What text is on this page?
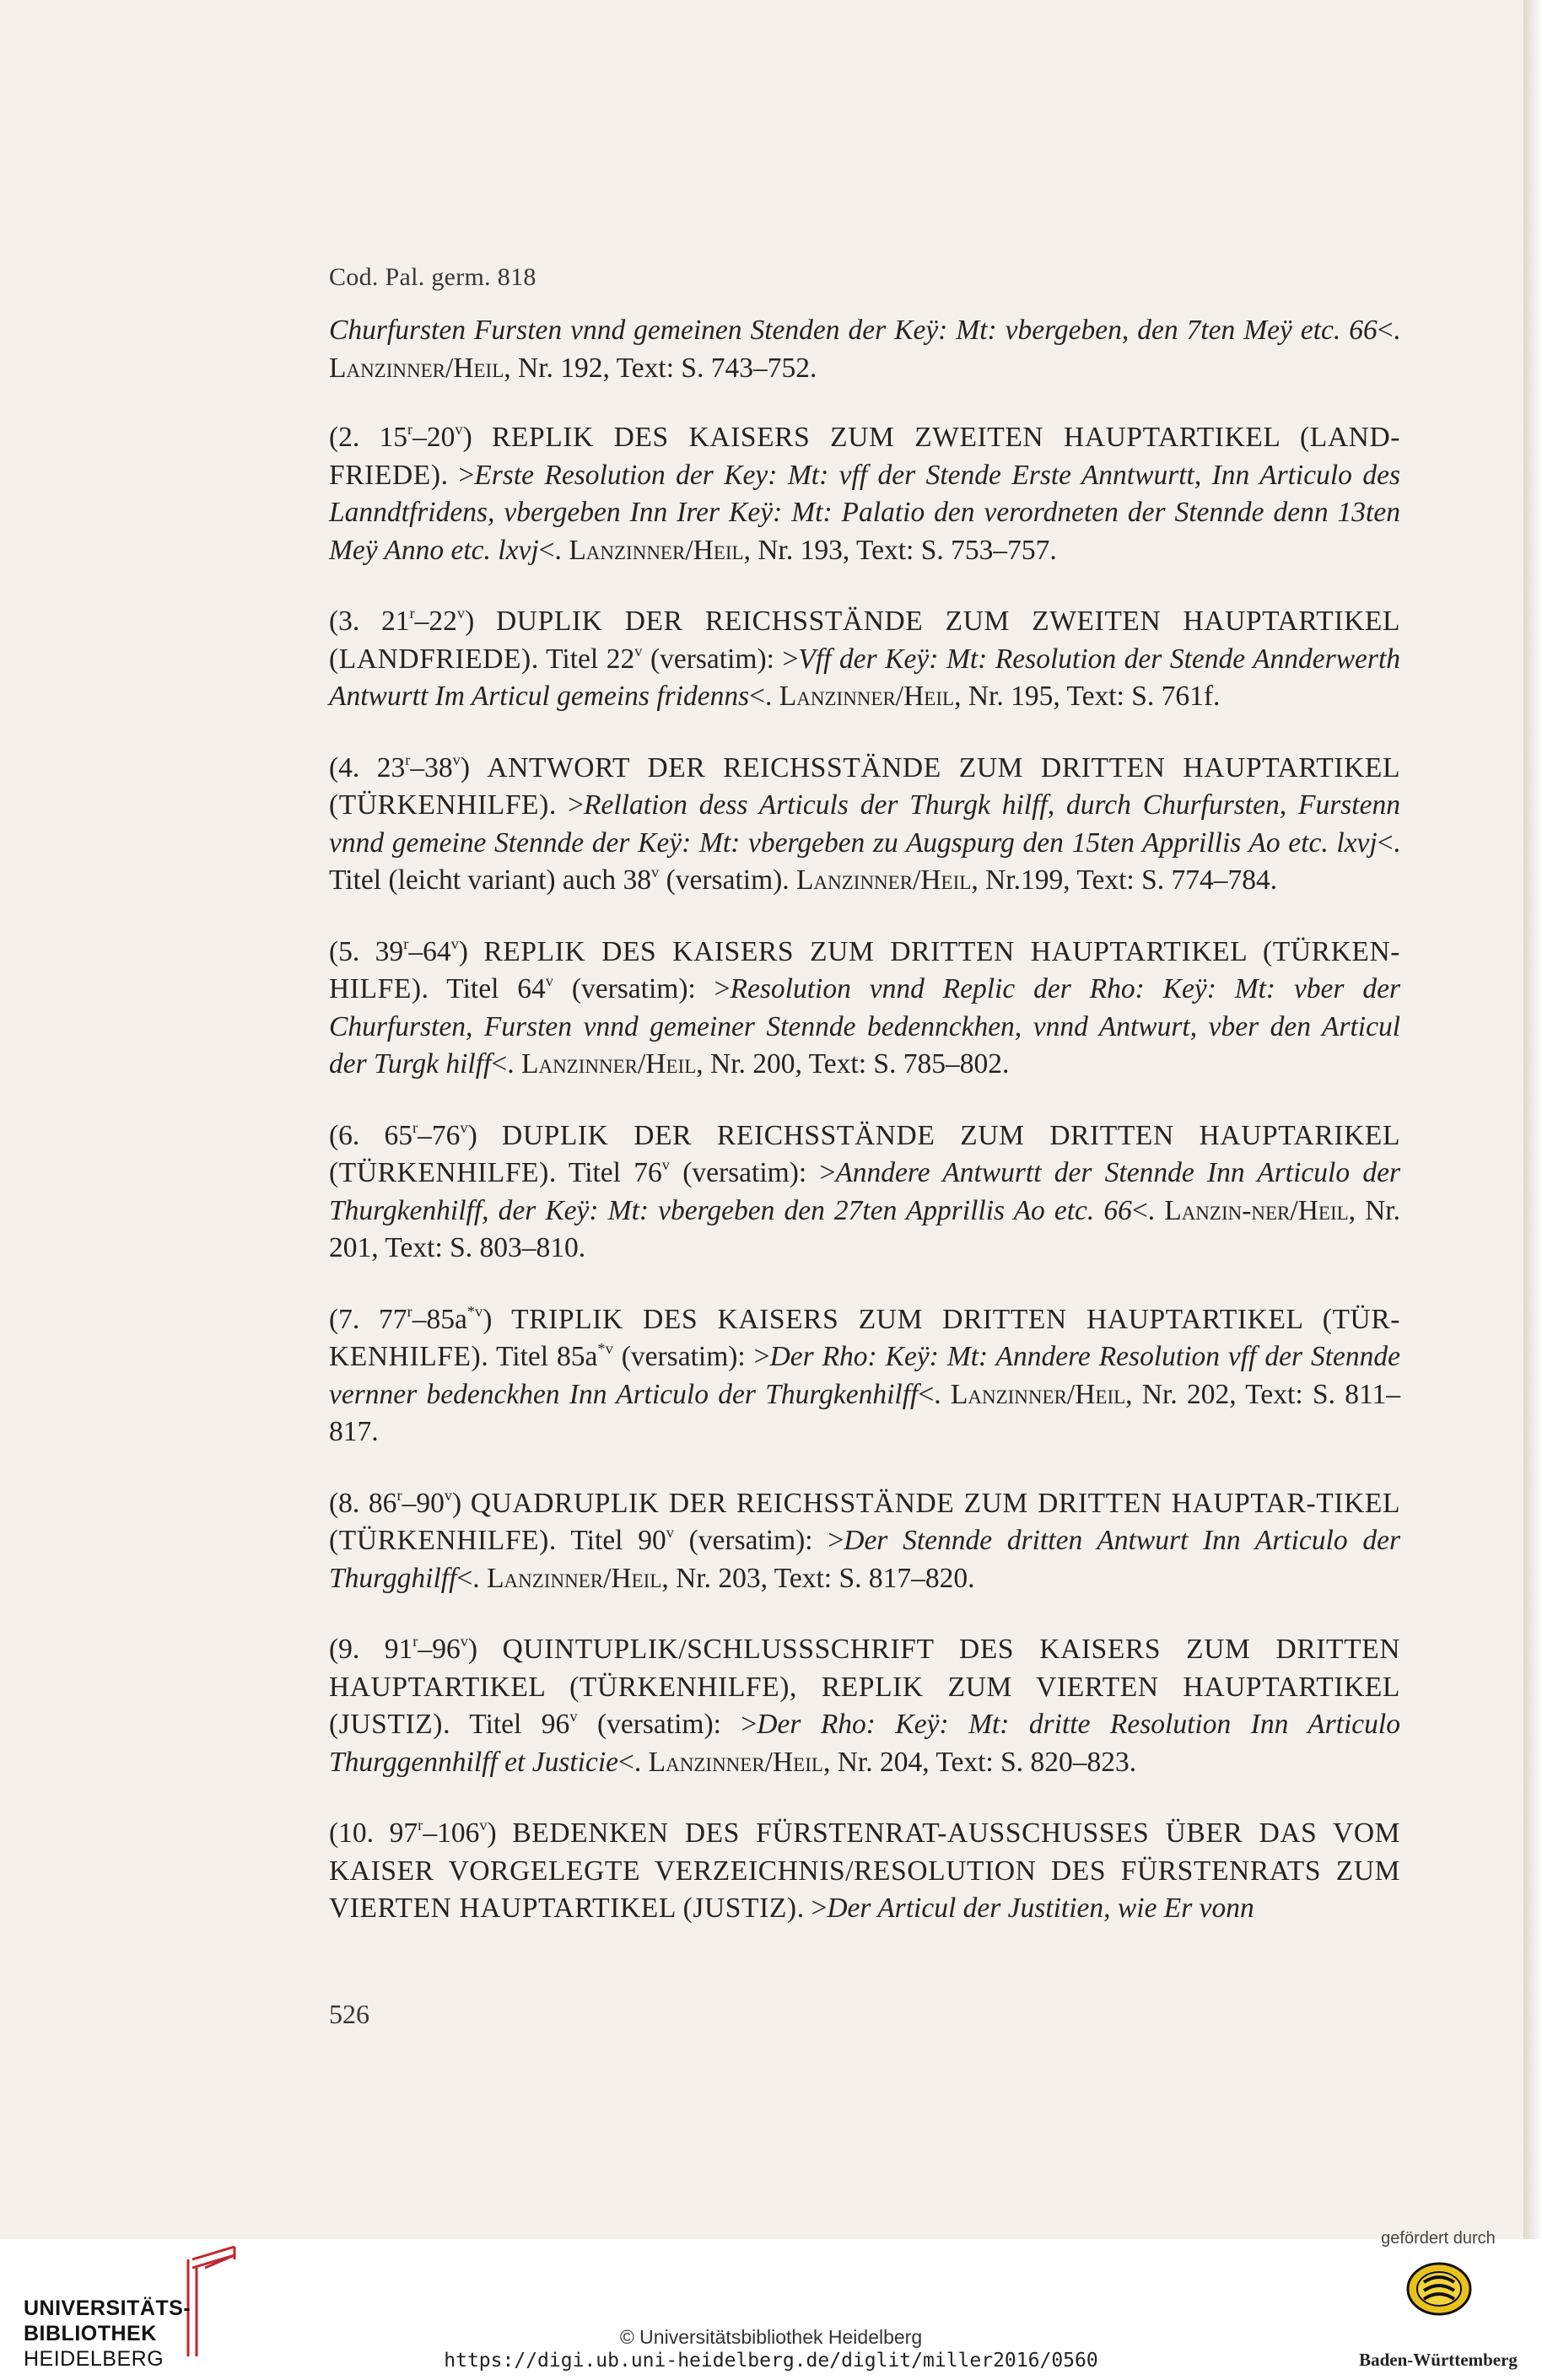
Cod. Pal. germ. 818

Churfursten Fursten vnnd gemeinen Stenden der Keÿ: Mt: vbergeben, den 7ten Meÿ etc. 66<. Lanzinner/Heil, Nr. 192, Text: S. 743–752.

(2. 15$^r$–20$^v$) REPLIK DES KAISERS ZUM ZWEITEN HAUPTARTIKEL (LAND-FRIEDE). >Erste Resolution der Key: Mt: vff der Stende Erste Anntwurtt, Inn Articulo des Lanndtfridens, vbergeben Inn Irer Keÿ: Mt: Palatio den verordneten der Stennde denn 13ten Meÿ Anno etc. lxvj<. Lanzinner/Heil, Nr. 193, Text: S. 753–757.

(3. 21$^r$–22$^v$) DUPLIK DER REICHSSTÄNDE ZUM ZWEITEN HAUPTARTIKEL (LANDFRIEDE). Titel 22$^v$ (versatim): >Vff der Keÿ: Mt: Resolution der Stende Annderwerth Antwurtt Im Articul gemeins fridenns<. Lanzinner/Heil, Nr. 195, Text: S. 761f.

(4. 23$^r$–38$^v$) ANTWORT DER REICHSSTÄNDE ZUM DRITTEN HAUPTARTIKEL (TÜRKENHILFE). >Rellation dess Articuls der Thurgk hilff, durch Churfursten, Furstenn vnnd gemeine Stennde der Keÿ: Mt: vbergeben zu Augspurg den 15ten Apprillis Ao etc. lxvj<. Titel (leicht variant) auch 38$^v$ (versatim). Lanzinner/Heil, Nr.199, Text: S. 774–784.

(5. 39$^r$–64$^v$) REPLIK DES KAISERS ZUM DRITTEN HAUPTARTIKEL (TÜRKEN-HILFE). Titel 64$^v$ (versatim): >Resolution vnnd Replic der Rho: Keÿ: Mt: vber der Churfursten, Fursten vnnd gemeiner Stennde bedennckhen, vnnd Antwurt, vber den Articul der Turgk hilff<. Lanzinner/Heil, Nr. 200, Text: S. 785–802.

(6. 65$^r$–76$^v$) DUPLIK DER REICHSSTÄNDE ZUM DRITTEN HAUPTARIKEL (TÜRKENHILFE). Titel 76$^v$ (versatim): >Anndere Antwurtt der Stennde Inn Articulo der Thurgkenhilff, der Keÿ: Mt: vbergeben den 27ten Apprillis Ao etc. 66<. Lanzin-ner/Heil, Nr. 201, Text: S. 803–810.

(7. $77^r-85a^{*v}$) TRIPLIK DES KAISERS ZUM DRITTEN HAUPTARTIKEL (TÜR-KENHILFE). Titel $85a^{*v}$ (versatim): >Der Rho: Keÿ: Mt: Anndere Resolution vff der Stennde vernner bedenckhen Inn Articulo der Thurgkenhilff<. Lanzinner/Heil, Nr. 202, Text: S. 811–817.

(8. 86$^r$–90$^v$) QUADRUPLIK DER REICHSSTÄNDE ZUM DRITTEN HAUPTAR-TIKEL (TÜRKENHILFE). Titel 90$^v$ (versatim): >Der Stennde dritten Antwurt Inn Articulo der Thurgghilff<. Lanzinner/Heil, Nr. 203, Text: S. 817–820.

(9. 91$^r$–96$^v$) QUINTUPLIK/SCHLUSSSCHRIFT DES KAISERS ZUM DRITTEN HAUPTARTIKEL (TÜRKENHILFE), REPLIK ZUM VIERTEN HAUPTARTIKEL (JUSTIZ). Titel 96$^v$ (versatim): >Der Rho: Keÿ: Mt: dritte Resolution Inn Articulo Thurggennhilff et Justicie<. Lanzinner/Heil, Nr. 204, Text: S. 820–823.

(10. 97$^r$–106$^v$) BEDENKEN DES FÜRSTENRAT-AUSSCHUSSES ÜBER DAS VOM KAISER VORGELEGTE VERZEICHNIS/RESOLUTION DES FÜRSTENRATS ZUM VIERTEN HAUPTARTIKEL (JUSTIZ). >Der Articul der Justitien, wie Er vonn

526
UNIVERSITÄTS-
BIBLIOTHEK
HEIDELBERG
© Universitätsbibliothek Heidelberg
https://digi.ub.uni-heidelberg.de/diglit/miller2016/0560
gefördert durch
Baden-Württemberg
